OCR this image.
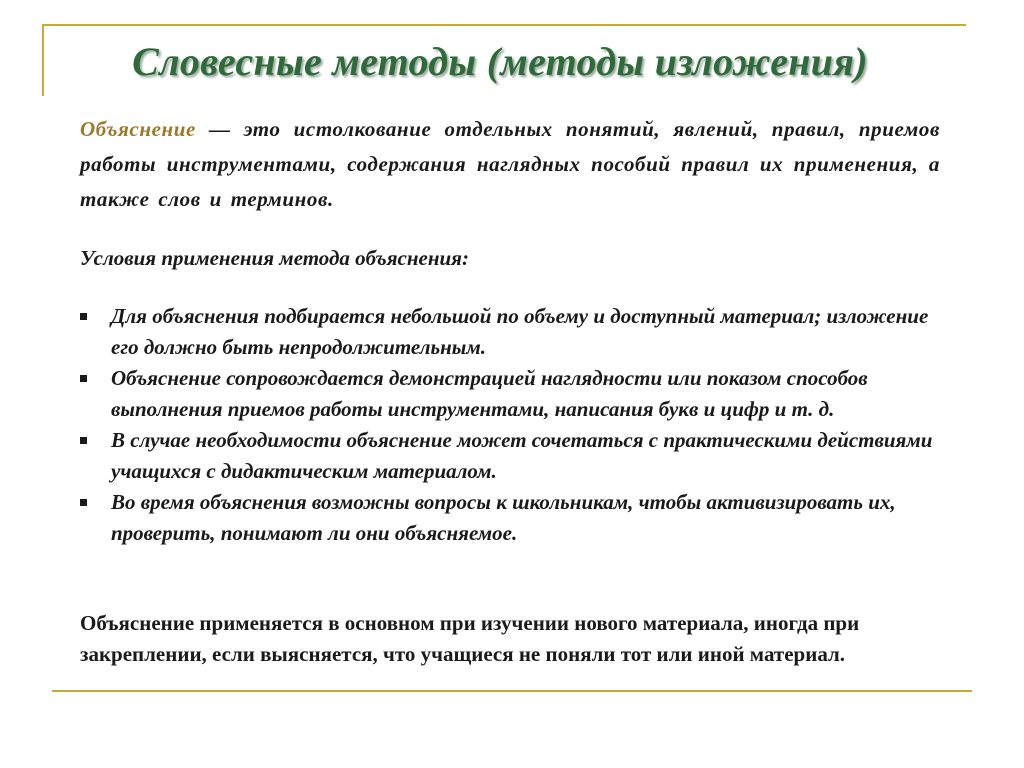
Словесные методы (методы изложения)

Объяснение — это истолкование отдельных понятий, явлений, правил, приемов работы инструментами, содержания наглядных пособий правил их применения, а также слов и терминов.

Условия применения метода объяснения:

Для объяснения подбирается небольшой по объему и доступный материал; изложение его должно быть непродолжительным.
Объяснение сопровождается демонстрацией наглядности или показом способов выполнения приемов работы инструментами, написания букв и цифр и т. д.
В случае необходимости объяснение может сочетаться с практическими действиями учащихся с дидактическим материалом.
Во время объяснения возможны вопросы к школьникам, чтобы активизировать их, проверить, понимают ли они объясняемое.

Объяснение применяется в основном при изучении нового материала, иногда при закреплении, если выясняется, что учащиеся не поняли тот или иной материал.
